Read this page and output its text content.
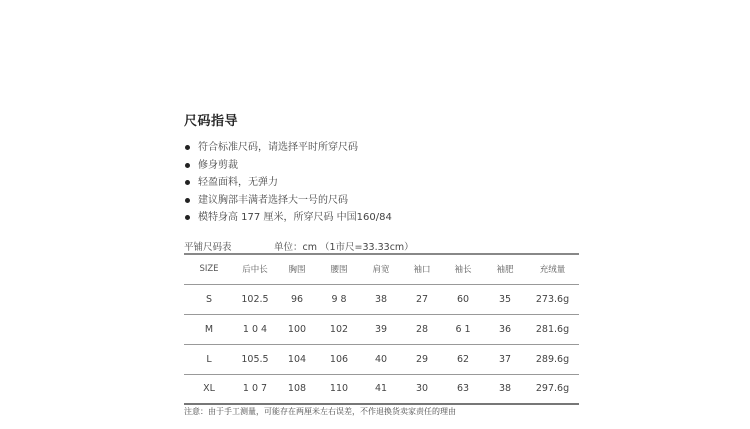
尺码指导
符合标准尺码，请选择平时所穿尺码
修身剪裁
轻盈面料，无弹力
建议胸部丰满者选择大一号的尺码
模特身高 177 厘米，所穿尺码 中国160/84
平铺尺码表	单位：cm （1市尺=33.33cm）
SIZE	后中长	胸围	腰围	肩宽	袖口	袖长	袖肥	充绒量
S	102.5	96	9 8	38	27	60	35	273.6g
M	1 0 4	100	102	39	28	6 1	36	281.6g
L	105.5	104	106	40	29	62	37	289.6g
XL	1 0 7	108	110	41	30	63	38	297.6g
注意：由于手工测量，可能存在两厘米左右误差，不作退换货卖家责任的理由
